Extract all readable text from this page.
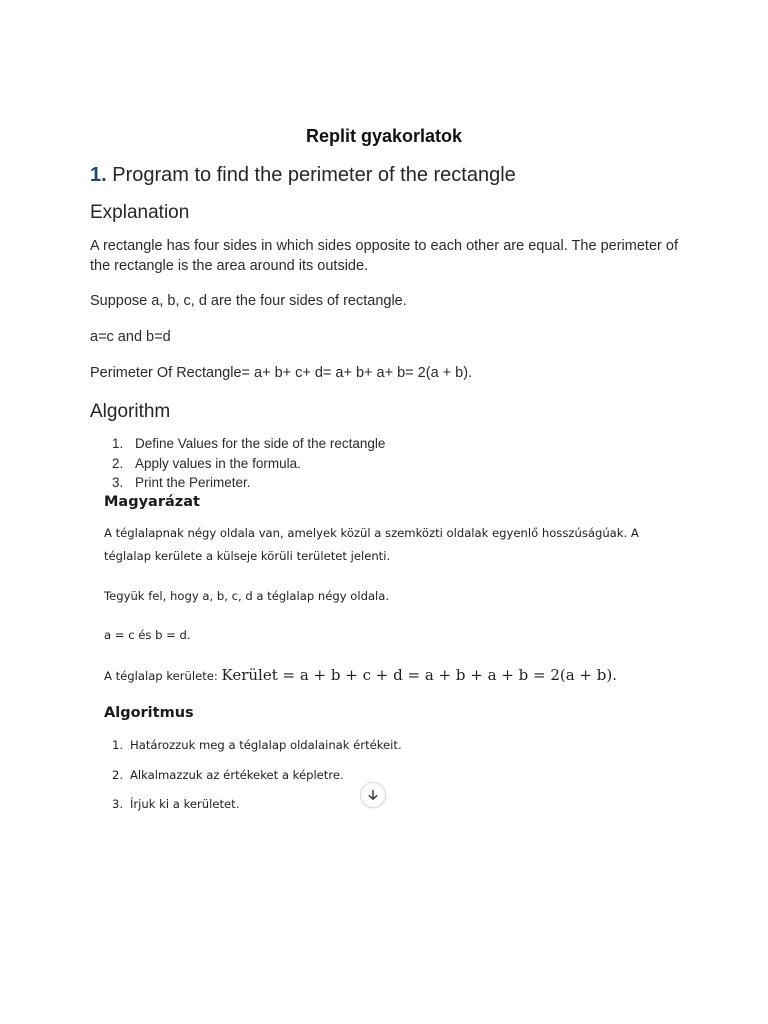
Replit gyakorlatok
1. Program to find the perimeter of the rectangle
Explanation

A rectangle has four sides in which sides opposite to each other are equal. The perimeter of the rectangle is the area around its outside.

Suppose a, b, c, d are the four sides of rectangle.

a=c and b=d

Perimeter Of Rectangle= a+ b+ c+ d= a+ b+ a+ b= 2(a + b).

Algorithm
1. Define Values for the side of the rectangle
2. Apply values in the formula.
3. Print the Perimeter.
Magyarázat

A téglalapnak négy oldala van, amelyek közül a szemközti oldalak egyenlő hosszúságúak. A téglalap kerülete a külseje körüli területet jelenti.

Tegyük fel, hogy a, b, c, d a téglalap négy oldala.

a = c és b = d.

A téglalap kerülete: Kerület = a + b + c + d = a + b + a + b = 2(a + b).

Algoritmus
1. Határozzuk meg a téglalap oldalainak értékeit.
2. Alkalmazzuk az értékeket a képletre.
3. Írjuk ki a kerületet.
